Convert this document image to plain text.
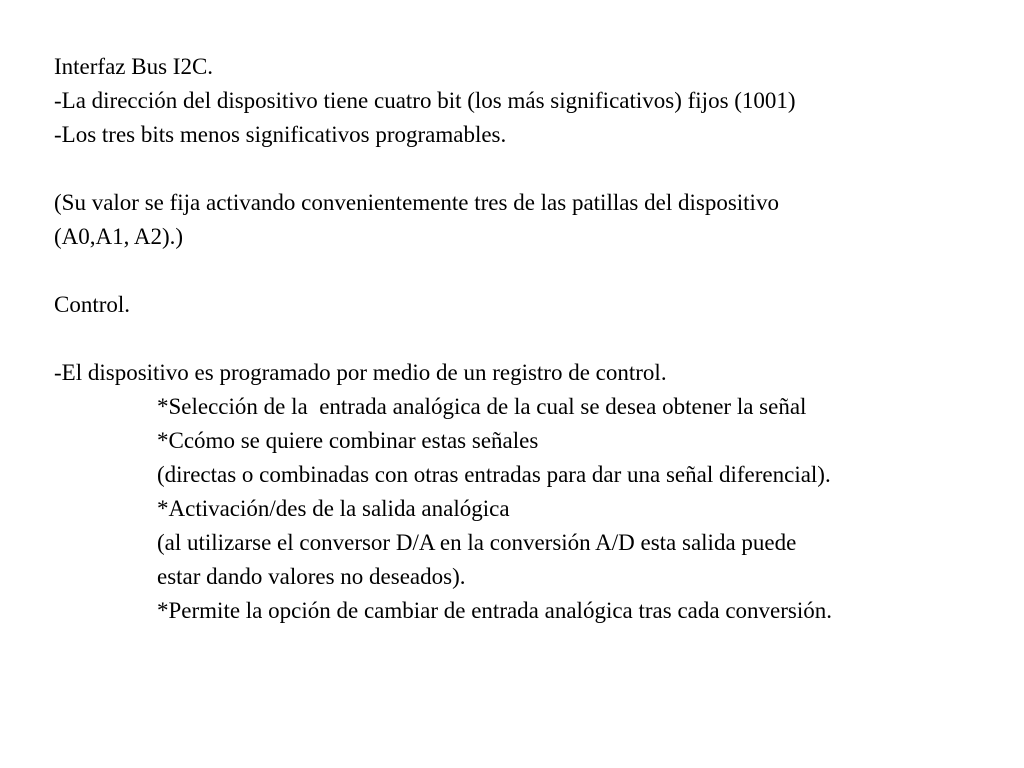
Interfaz Bus I2C.
-La dirección del dispositivo tiene cuatro bit (los más significativos) fijos (1001)
-Los tres bits menos significativos programables.
(Su valor se fija activando convenientemente tres de las patillas del dispositivo
(A0,A1, A2).)
Control.
-El dispositivo es programado por medio de un registro de control.
*Selección de la  entrada analógica de la cual se desea obtener la señal
*Ccómo se quiere combinar estas señales
(directas o combinadas con otras entradas para dar una señal diferencial).
*Activación/des de la salida analógica
(al utilizarse el conversor D/A en la conversión A/D esta salida puede
estar dando valores no deseados).
*Permite la opción de cambiar de entrada analógica tras cada conversión.
